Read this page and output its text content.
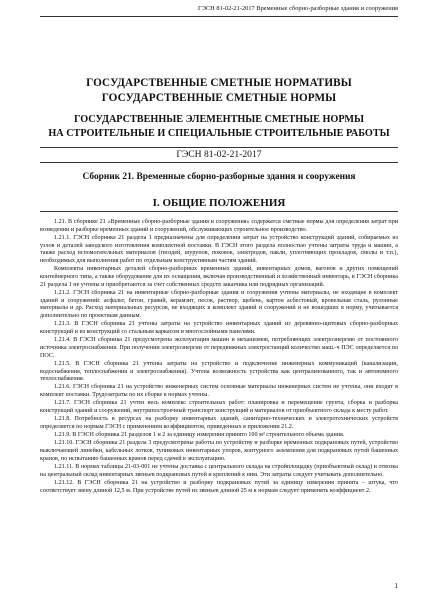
ГЭСН 81-02-21-2017 Временные сборно-разборные здания и сооружения
ГОСУДАРСТВЕННЫЕ СМЕТНЫЕ НОРМАТИВЫ
ГОСУДАРСТВЕННЫЕ СМЕТНЫЕ НОРМЫ
ГОСУДАРСТВЕННЫЕ ЭЛЕМЕНТНЫЕ СМЕТНЫЕ НОРМЫ
НА СТРОИТЕЛЬНЫЕ И СПЕЦИАЛЬНЫЕ СТРОИТЕЛЬНЫЕ РАБОТЫ
ГЭСН 81-02-21-2017
Сборник 21. Временные сборно-разборные здания и сооружения
I. ОБЩИЕ ПОЛОЖЕНИЯ

1.21. В сборнике 21 «Временные сборно-разборные здания и сооружения» содержатся сметные нормы для определения затрат при возведении и разборке временных зданий и сооружений, обслуживающих строительное производство.

1.21.1. ГЭСН сборника 21 раздела 1 предназначены для определения затрат на устройство конструкций зданий, собираемых из узлов и деталей заводского изготовления комплектной поставки. В ГЭСН этого раздела полностью учтены затраты труда и машин, а также расход вспомогательных материалов (гвоздей, шурупов, поковок, электродов, пакли, уплотняющих прокладок, смолы и т.п.), необходимых для выполнения работ по отдельным конструктивным частям зданий.

Комплекты инвентарных деталей сборно-разборных временных зданий, инвентарных домов, вагонов и других помещений контейнерного типа, а также оборудование для их оснащения, включая производственный и хозяйственный инвентарь, в ГЭСН сборника 21 раздела 1 не учтены и приобретаются за счет собственных средств заказчика или подрядных организаций.

1.21.2. ГЭСН сборника 21 на инвентарные сборно-разборные здания и сооружения учтены материалы, не входящие в комплект зданий и сооружений: асфальт, бетон, гравий, керамзит, песок, раствор, щебень, картон асбестовый, кровельная сталь, рулонные материалы и др. Расход материальных ресурсов, не входящих в комплект зданий и сооружений и не вошедших в норму, учитывается дополнительно по проектным данным.

1.21.3. В ГЭСН сборника 21 учтены затраты на устройство инвентарных зданий из деревянно-щитовых сборно-разборных конструкций и из конструкций со стальным каркасом и многослойными панелями.

1.21.4. В ГЭСН сборника 21 предусмотрена эксплуатация машин и механизмов, потребляющих электроэнергию от постоянного источника электроснабжения. При получении электроэнергии от передвижных электростанций количество маш.-ч ПЭС определяется по ПОС.

1.21.5. В ГЭСН сборника 21 учтены затраты на устройство и подключение инженерных коммуникаций (канализации, водоснабжения, теплоснабжения и электроснабжения). Учтена возможность устройства как централизованного, так и автономного теплоснабжения.

1.21.6. ГЭСН сборника 21 на устройство инженерных систем основные материалы инженерных систем не учтены, они входят в комплект поставки. Трудозатраты по их сборке в нормах учтены.

1.21.7. ГЭСН сборника 21 учтен весь комплекс строительных работ: планировка и перемещение грунта, сборка и разборка конструкций зданий и сооружений, внутрипостроечный транспорт конструкций и материалов от приобъектного склада к месту работ.

1.21.8. Потребность в ресурсах на разборку инвентарных зданий, санитарно-технических и электротехнических устройств определяется по нормам ГЭСН с применением коэффициентов, приведенных в приложении 21.2.

1.21.9. В ГЭСН сборника 21 разделов 1 и 2 за единицу измерения принято 100 м³ строительного объема здания.

1.21.10. ГЭСН сборника 21 раздела 3 предусмотрены работы по устройству и разборке временных подкрановых путей, устройство выключающей линейки, кабельных лотков, тупиковых инвентарных упоров, контурного заземления для подкрановых путей башенных кранов, по испытанию башенных кранов перед сдачей в эксплуатацию.

1.21.11. В нормах таблицы 21-03-001 не учтены доставка с центрального склада на стройплощадку (приобъектный склад) и отвозка на центральный склад инвентарных звеньев подкрановых путей и креплений к ним. Эти затраты следует учитывать дополнительно.

1.21.12. В ГЭСН сборника 21 на устройство и разборку подкрановых путей за единицу измерения принята – штука, что соответствует звену длиной 12,5 м. При устройстве путей из звеньев длиной 25 м к нормам следует применять коэффициент 2.

1
